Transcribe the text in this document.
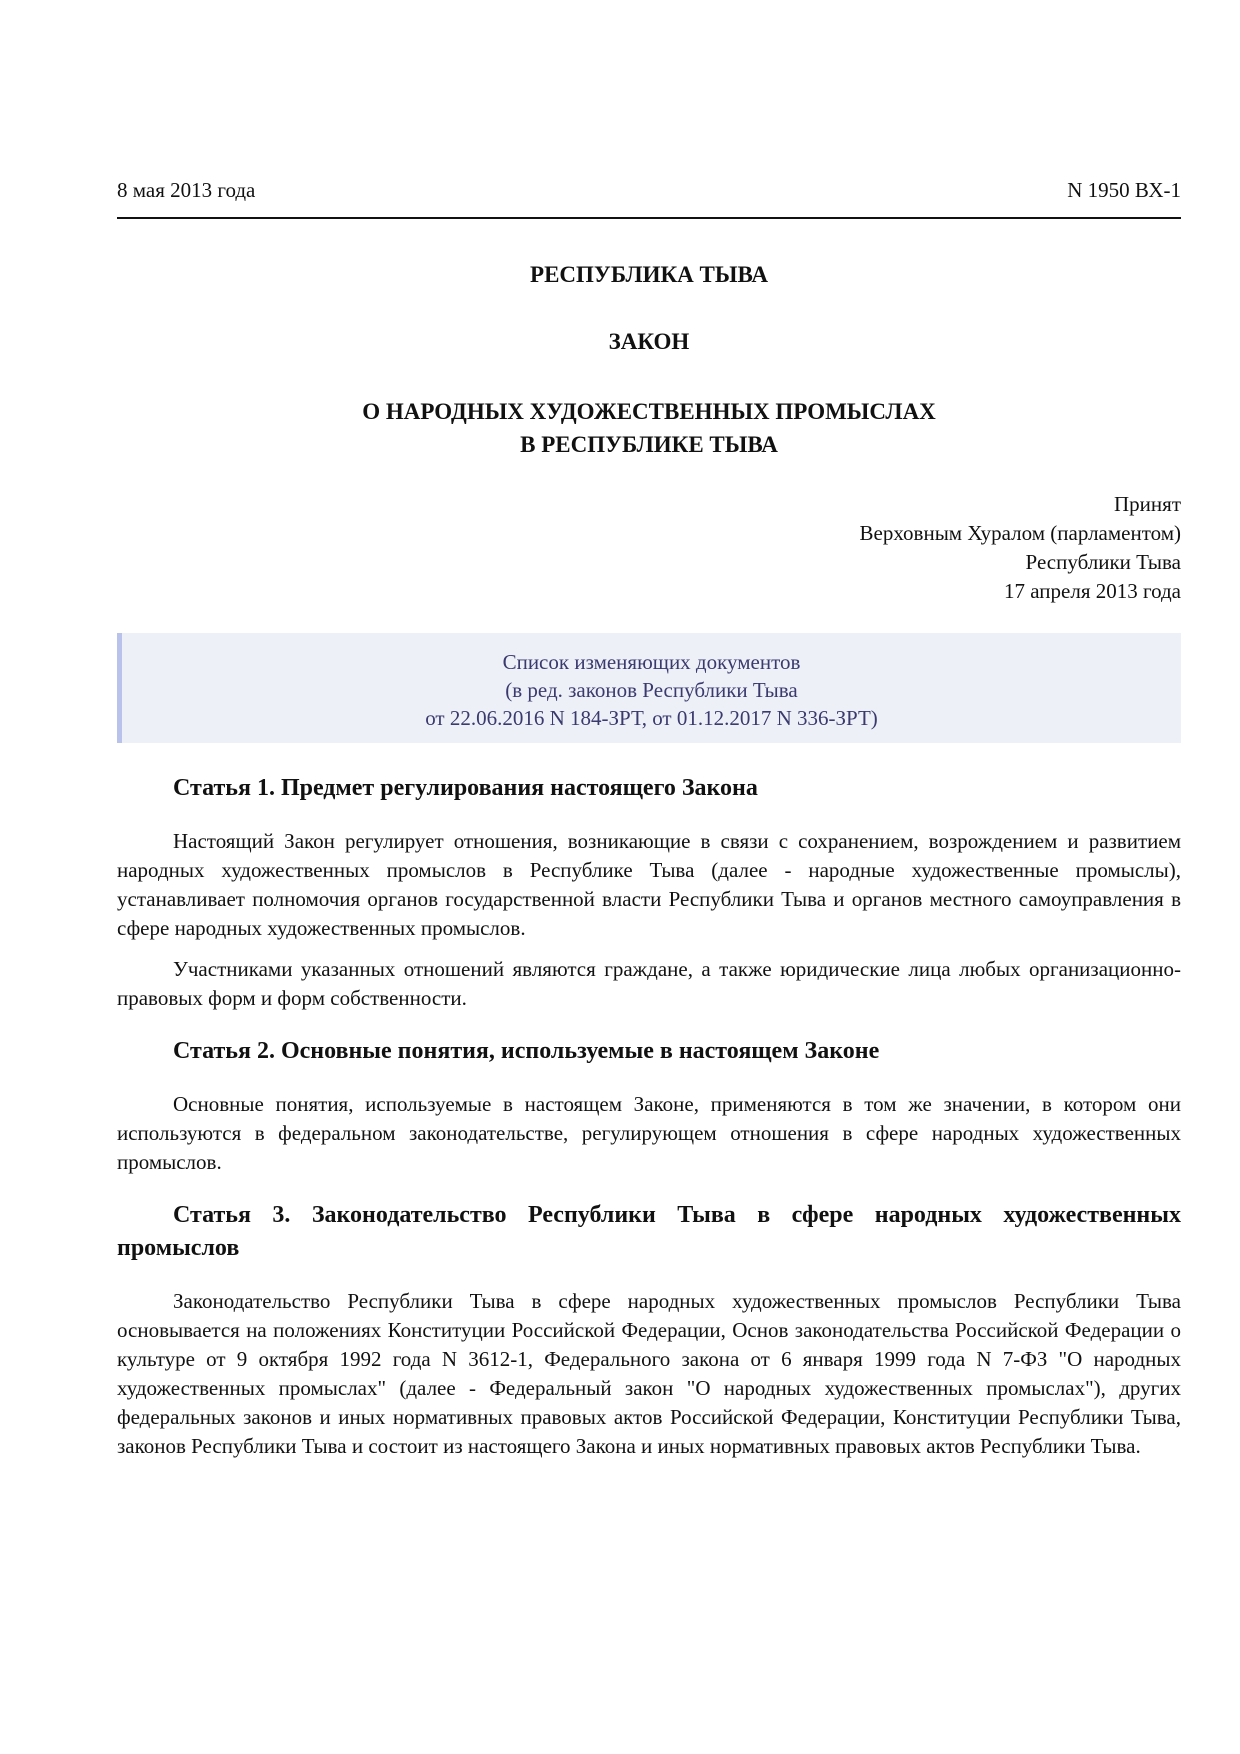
8 мая 2013 года	N 1950 ВХ-1
РЕСПУБЛИКА ТЫВА
ЗАКОН
О НАРОДНЫХ ХУДОЖЕСТВЕННЫХ ПРОМЫСЛАХ
В РЕСПУБЛИКЕ ТЫВА
Принят
Верховным Хуралом (парламентом)
Республики Тыва
17 апреля 2013 года
Список изменяющих документов
(в ред. законов Республики Тыва
от 22.06.2016 N 184-ЗРТ, от 01.12.2017 N 336-ЗРТ)
Статья 1. Предмет регулирования настоящего Закона

Настоящий Закон регулирует отношения, возникающие в связи с сохранением, возрождением и развитием народных художественных промыслов в Республике Тыва (далее - народные художественные промыслы), устанавливает полномочия органов государственной власти Республики Тыва и органов местного самоуправления в сфере народных художественных промыслов.

Участниками указанных отношений являются граждане, а также юридические лица любых организационно-правовых форм и форм собственности.

Статья 2. Основные понятия, используемые в настоящем Законе

Основные понятия, используемые в настоящем Законе, применяются в том же значении, в котором они используются в федеральном законодательстве, регулирующем отношения в сфере народных художественных промыслов.

Статья 3. Законодательство Республики Тыва в сфере народных художественных промыслов

Законодательство Республики Тыва в сфере народных художественных промыслов Республики Тыва основывается на положениях Конституции Российской Федерации, Основ законодательства Российской Федерации о культуре от 9 октября 1992 года N 3612-1, Федерального закона от 6 января 1999 года N 7-ФЗ "О народных художественных промыслах" (далее - Федеральный закон "О народных художественных промыслах"), других федеральных законов и иных нормативных правовых актов Российской Федерации, Конституции Республики Тыва, законов Республики Тыва и состоит из настоящего Закона и иных нормативных правовых актов Республики Тыва.
